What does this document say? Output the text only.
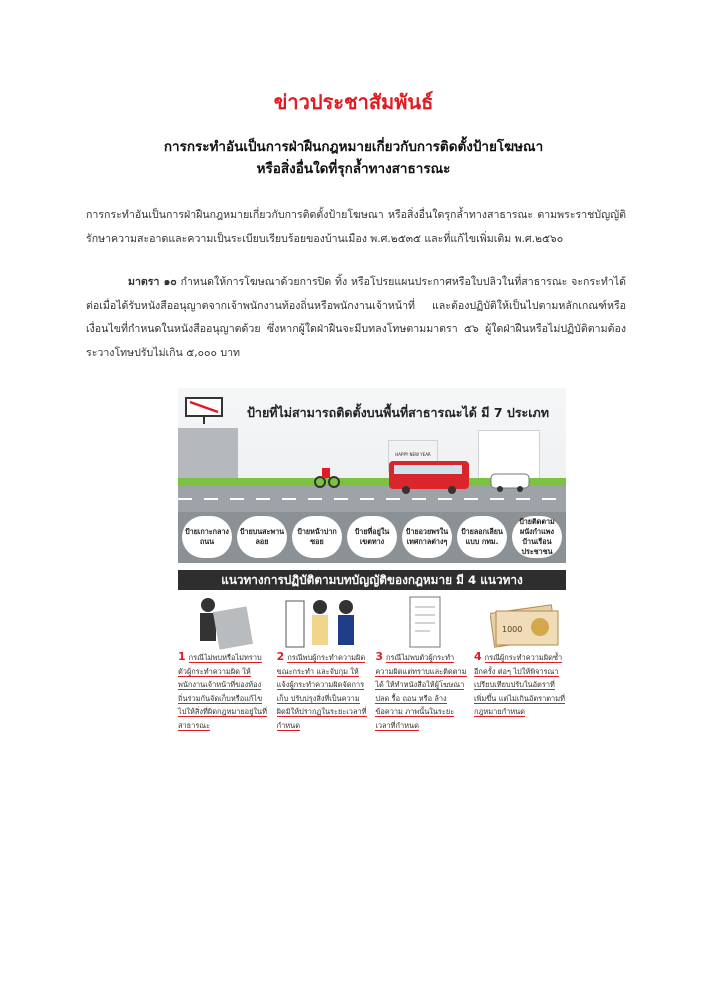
ข่าวประชาสัมพันธ์
การกระทำอันเป็นการฝ่าฝืนกฎหมายเกี่ยวกับการติดตั้งป้ายโฆษณา
หรือสิ่งอื่นใดที่รุกล้ำทางสาธารณะ
การกระทำอันเป็นการฝ่าฝืนกฎหมายเกี่ยวกับการติดตั้งป้ายโฆษณา หรือสิ่งอื่นใดรุกล้ำทางสาธารณะ ตามพระราชบัญญัติรักษาความสะอาดและความเป็นระเบียบเรียบร้อยของบ้านเมือง พ.ศ.๒๕๓๕ และที่แก้ไขเพิ่มเติม พ.ศ.๒๕๖๐
มาตรา ๑๐ กำหนดให้การโฆษณาด้วยการปิด ทิ้ง หรือโปรยแผนประกาศหรือใบปลิวในที่สาธารณะ จะกระทำได้ต่อเมื่อได้รับหนังสืออนุญาตจากเจ้าพนักงานท้องถิ่นหรือพนักงานเจ้าหน้าที่ และต้องปฏิบัติให้เป็นไปตามหลักเกณฑ์หรือเงื่อนไขที่กำหนดในหนังสืออนุญาตด้วย ซึ่งหากผู้ใดฝ่าฝืนจะมีบทลงโทษตามมาตรา ๕๖ ผู้ใดฝ่าฝืนหรือไม่ปฏิบัติตามต้องระวางโทษปรับไม่เกิน ๕,๐๐๐ บาท
HAPPY NEW YEAR
ป้ายที่ไม่สามารถติดตั้งบนพื้นที่สาธารณะได้ มี 7 ประเภท
ป้ายเกาะกลางถนน
ป้ายบนสะพานลอย
ป้ายหน้าปากซอย
ป้ายที่อยู่ในเขตทาง
ป้ายอวยพรในเทศกาลต่างๆ
ป้ายลอกเลียนแบบ กทม.
ป้ายติดตามผนังกำแพง บ้านเรือนประชาชน
แนวทางการปฏิบัติตามบทบัญญัติของกฎหมาย มี 4 แนวทาง
1000
1 กรณีไม่พบหรือไม่ทราบตัวผู้กระทำความผิด ให้พนักงานเจ้าหน้าที่ของท้องถิ่นร่วมกันจัดเก็บหรือแก้ไขไปให้สิ่งที่ผิดกฎหมายอยู่ในที่สาธารณะ
2 กรณีพบผู้กระทำความผิดขณะกระทำ และจับกุม ให้แจ้งผู้กระทำความผิดจัดการเก็บ ปรับปรุงสิ่งที่เป็นความผิดมิให้ปรากฏในระยะเวลาที่กำหนด
3 กรณีไม่พบตัวผู้กระทำความผิดแต่ทราบและติดตามได้ ให้ทำหนังสือให้ผู้โฆษณาปลด รื้อ ถอน หรือ ล้างข้อความ ภาพนั้นในระยะเวลาที่กำหนด
4 กรณีผู้กระทำความผิดซ้ำอีกครั้ง ต่อๆ ไปให้พิจารณาเปรียบเทียบปรับในอัตราที่เพิ่มขึ้น แต่ไม่เกินอัตราตามที่กฎหมายกำหนด
